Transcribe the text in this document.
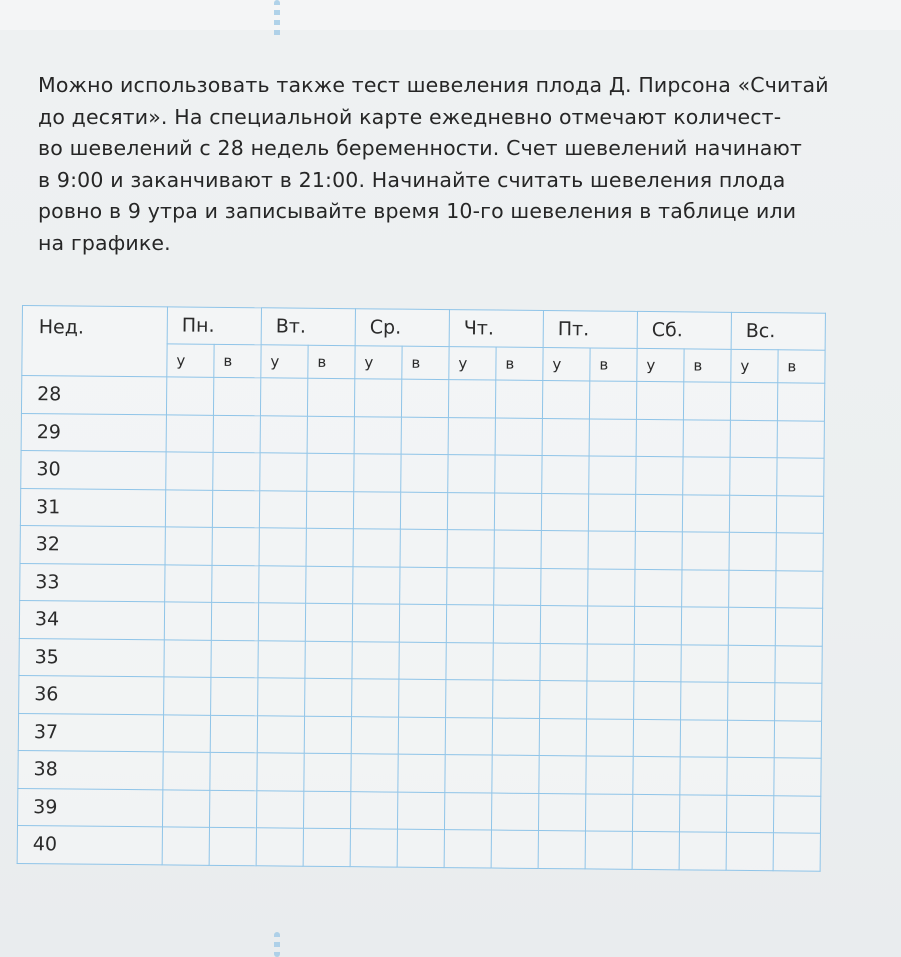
Можно использовать также тест шевеления плода Д. Пирсона «Считай
до десяти». На специальной карте ежедневно отмечают количест-
во шевелений с 28 недель беременности. Счет шевелений начинают
в 9:00 и заканчивают в 21:00. Начинайте считать шевеления плода
ровно в 9 утра и записывайте время 10-го шевеления в таблице или
на графике.

Нед.	Пн.		Вт.		Ср.		Чт.		Пт.		Сб.		Вс.	
	у	в	у	в	у	в	у	в	у	в	у	в	у	в
28														
29														
30														
31														
32														
33														
34														
35														
36														
37														
38														
39														
40														
